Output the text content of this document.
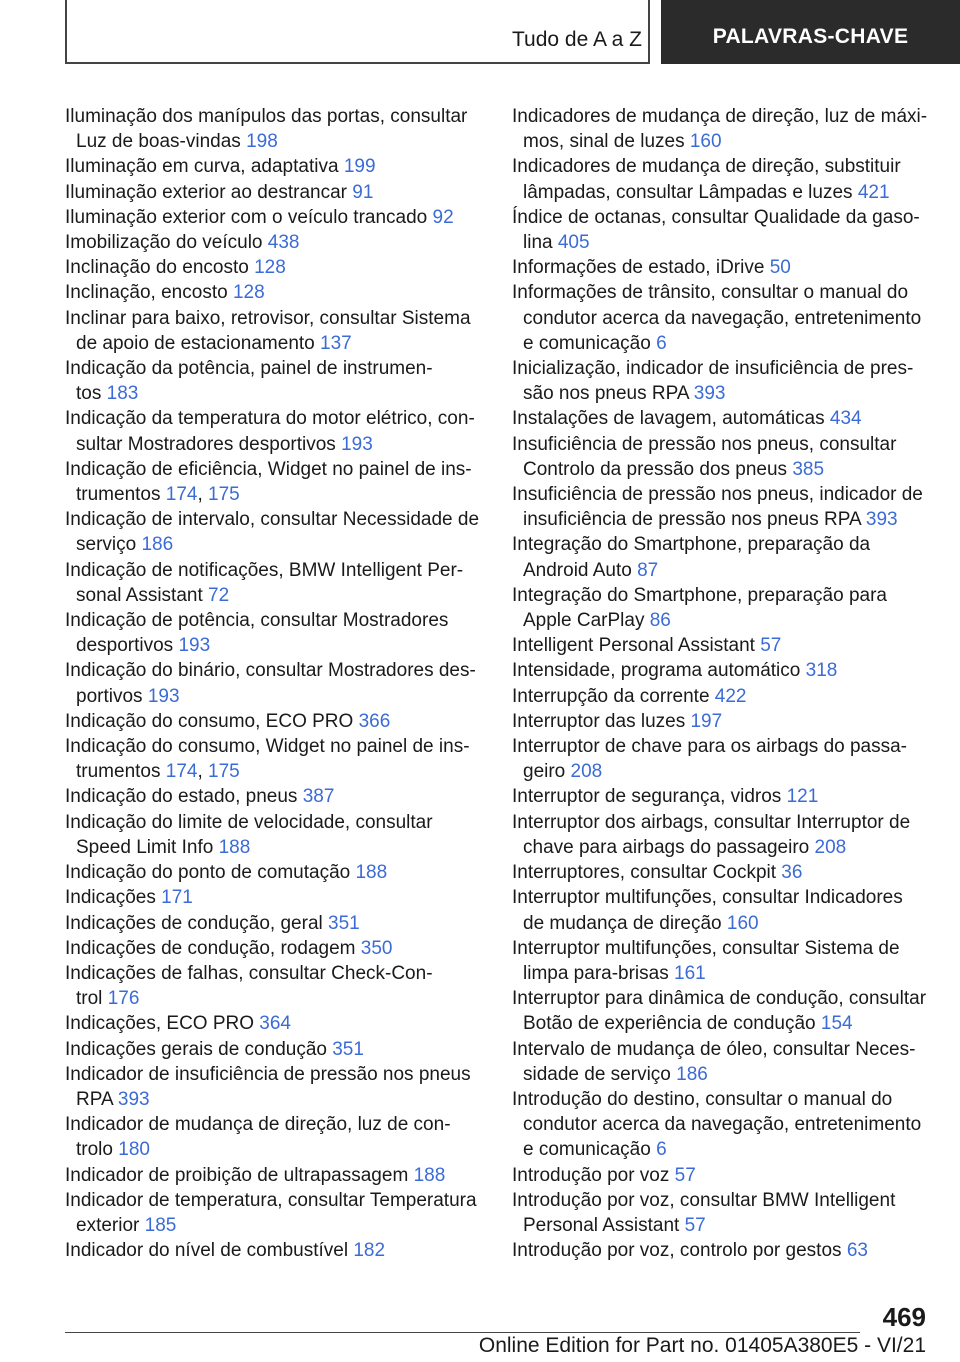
Tudo de A a Z	PALAVRAS-CHAVE
Iluminação dos manípulos das portas, consultar
Luz de boas-vindas 198
Iluminação em curva, adaptativa 199
Iluminação exterior ao destrancar 91
Iluminação exterior com o veículo trancado 92
Imobilização do veículo 438
Inclinação do encosto 128
Inclinação, encosto 128
Inclinar para baixo, retrovisor, consultar Sistema
de apoio de estacionamento 137
Indicação da potência, painel de instrumen-
tos 183
Indicação da temperatura do motor elétrico, con-
sultar Mostradores desportivos 193
Indicação de eficiência, Widget no painel de ins-
trumentos 174, 175
Indicação de intervalo, consultar Necessidade de
serviço 186
Indicação de notificações, BMW Intelligent Per-
sonal Assistant 72
Indicação de potência, consultar Mostradores
desportivos 193
Indicação do binário, consultar Mostradores des-
portivos 193
Indicação do consumo, ECO PRO 366
Indicação do consumo, Widget no painel de ins-
trumentos 174, 175
Indicação do estado, pneus 387
Indicação do limite de velocidade, consultar
Speed Limit Info 188
Indicação do ponto de comutação 188
Indicações 171
Indicações de condução, geral 351
Indicações de condução, rodagem 350
Indicações de falhas, consultar Check-Con-
trol 176
Indicações, ECO PRO 364
Indicações gerais de condução 351
Indicador de insuficiência de pressão nos pneus
RPA 393
Indicador de mudança de direção, luz de con-
trolo 180
Indicador de proibição de ultrapassagem 188
Indicador de temperatura, consultar Temperatura
exterior 185
Indicador do nível de combustível 182
Indicadores de mudança de direção, luz de máxi-
mos, sinal de luzes 160
Indicadores de mudança de direção, substituir
lâmpadas, consultar Lâmpadas e luzes 421
Índice de octanas, consultar Qualidade da gaso-
lina 405
Informações de estado, iDrive 50
Informações de trânsito, consultar o manual do
condutor acerca da navegação, entretenimento
e comunicação 6
Inicialização, indicador de insuficiência de pres-
são nos pneus RPA 393
Instalações de lavagem, automáticas 434
Insuficiência de pressão nos pneus, consultar
Controlo da pressão dos pneus 385
Insuficiência de pressão nos pneus, indicador de
insuficiência de pressão nos pneus RPA 393
Integração do Smartphone, preparação da
Android Auto 87
Integração do Smartphone, preparação para
Apple CarPlay 86
Intelligent Personal Assistant 57
Intensidade, programa automático 318
Interrupção da corrente 422
Interruptor das luzes 197
Interruptor de chave para os airbags do passa-
geiro 208
Interruptor de segurança, vidros 121
Interruptor dos airbags, consultar Interruptor de
chave para airbags do passageiro 208
Interruptores, consultar Cockpit 36
Interruptor multifunções, consultar Indicadores
de mudança de direção 160
Interruptor multifunções, consultar Sistema de
limpa para-brisas 161
Interruptor para dinâmica de condução, consultar
Botão de experiência de condução 154
Intervalo de mudança de óleo, consultar Neces-
sidade de serviço 186
Introdução do destino, consultar o manual do
condutor acerca da navegação, entretenimento
e comunicação 6
Introdução por voz 57
Introdução por voz, consultar BMW Intelligent
Personal Assistant 57
Introdução por voz, controlo por gestos 63
469
Online Edition for Part no. 01405A380E5 - VI/21
